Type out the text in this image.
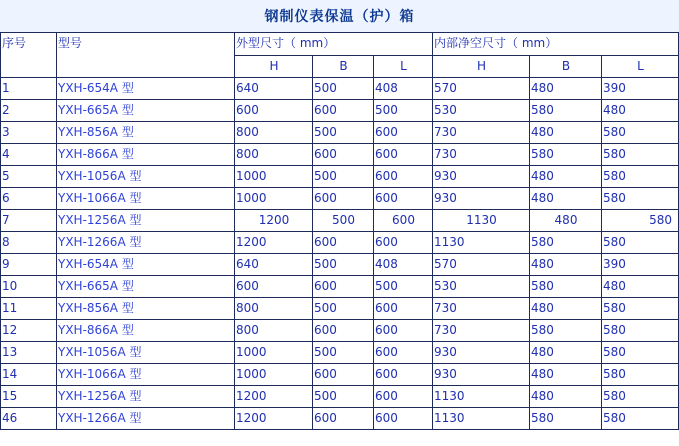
钢制仪表保温（护）箱
序号	型号	外型尺寸（ mm）			内部净空尺寸（ mm）		
		H	B	L	H	B	L
1	YXH-654A 型	640	500	408	570	480	390
2	YXH-665A 型	600	600	500	530	580	480
3	YXH-856A 型	800	500	600	730	480	580
4	YXH-866A 型	800	600	600	730	580	580
5	YXH-1056A 型	1000	500	600	930	480	580
6	YXH-1066A 型	1000	600	600	930	480	580
7	YXH-1256A 型	1200	500	600	1130	480	580
8	YXH-1266A 型	1200	600	600	1130	580	580
9	YXH-654A 型	640	500	408	570	480	390
10	YXH-665A 型	600	600	500	530	580	480
11	YXH-856A 型	800	500	600	730	480	580
12	YXH-866A 型	800	600	600	730	580	580
13	YXH-1056A 型	1000	500	600	930	480	580
14	YXH-1066A 型	1000	600	600	930	480	580
15	YXH-1256A 型	1200	500	600	1130	480	580
46	YXH-1266A 型	1200	600	600	1130	580	580
